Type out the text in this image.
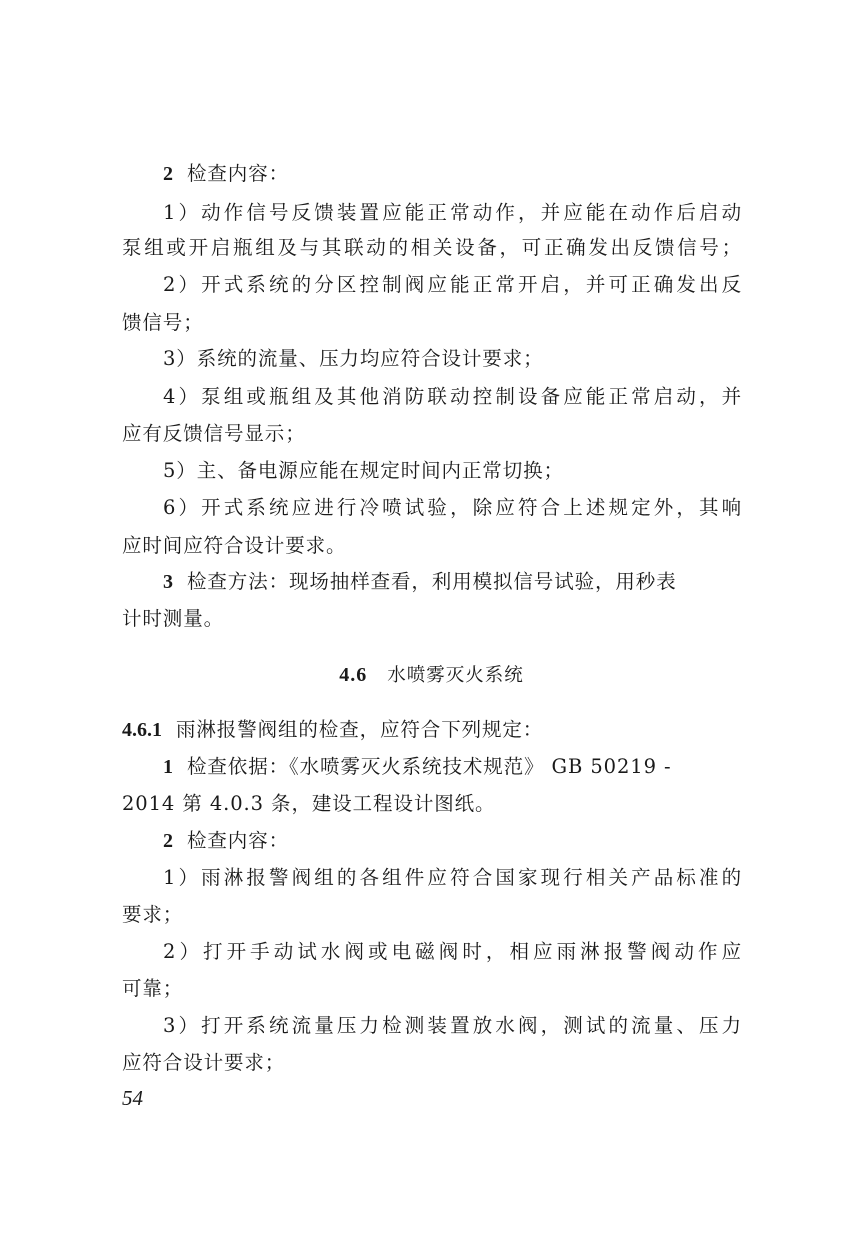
2 检查内容：
1）动作信号反馈装置应能正常动作，并应能在动作后启动
泵组或开启瓶组及与其联动的相关设备，可正确发出反馈信号；
2）开式系统的分区控制阀应能正常开启，并可正确发出反
馈信号；
3）系统的流量、压力均应符合设计要求；
4）泵组或瓶组及其他消防联动控制设备应能正常启动，并
应有反馈信号显示；
5）主、备电源应能在规定时间内正常切换；
6）开式系统应进行冷喷试验，除应符合上述规定外，其响
应时间应符合设计要求。
3 检查方法：现场抽样查看，利用模拟信号试验，用秒表
计时测量。
4.6 水喷雾灭火系统
4.6.1 雨淋报警阀组的检查，应符合下列规定：
1 检查依据：《水喷雾灭火系统技术规范》 GB 50219 -
2014 第 4.0.3 条，建设工程设计图纸。
2 检查内容：
1）雨淋报警阀组的各组件应符合国家现行相关产品标准的
要求；
2）打开手动试水阀或电磁阀时，相应雨淋报警阀动作应
可靠；
3）打开系统流量压力检测装置放水阀，测试的流量、压力
应符合设计要求；
54
